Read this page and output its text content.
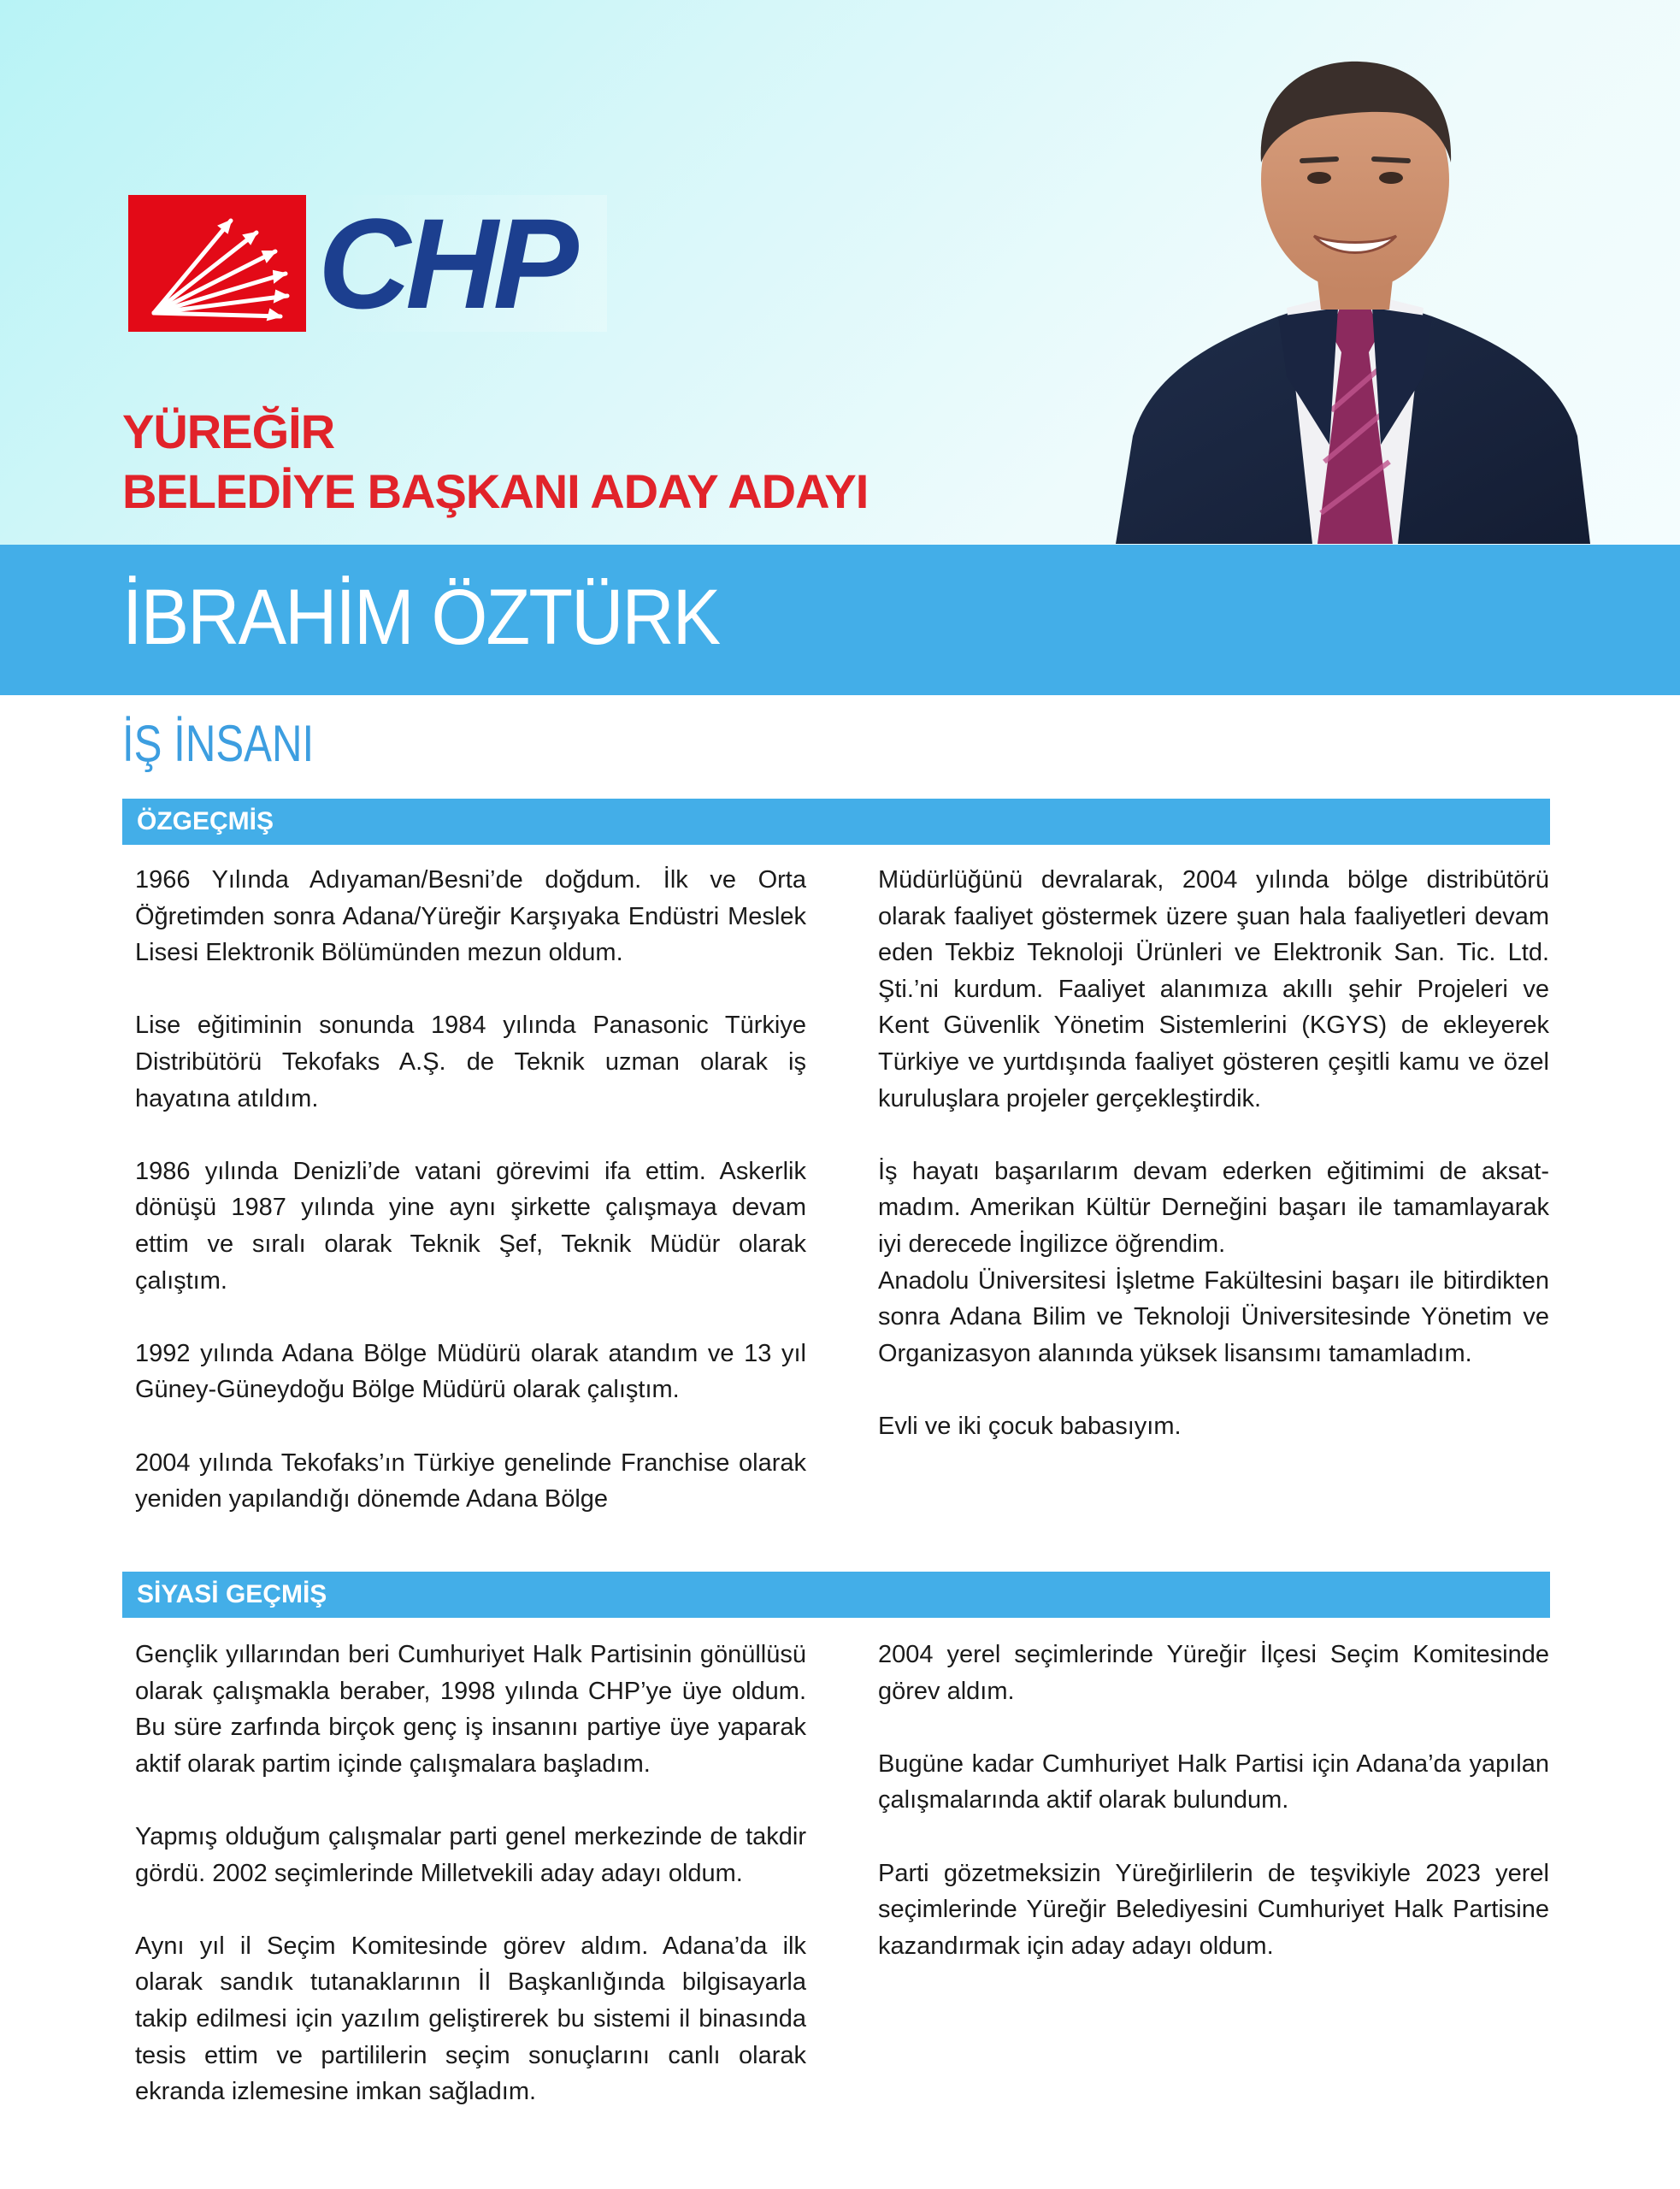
CHP
YÜREĞİR
BELEDİYE BAŞKANI ADAY ADAYI
İBRAHİM ÖZTÜRK
İŞ İNSANI
ÖZGEÇMİŞ

1966 Yılında Adıyaman/Besni’de doğdum. İlk ve Orta Öğretimden sonra Adana/Yüreğir Karşıyaka Endüstri Meslek Lisesi Elektronik Bölümünden mezun oldum.

Lise eğitiminin sonunda 1984 yılında Panasonic Türkiye Distribütörü Tekofaks A.Ş. de Teknik uzman olarak iş hayatına atıldım.

1986 yılında Denizli’de vatani görevimi ifa ettim. Askerlik dönüşü 1987 yılında yine aynı şirkette çalışmaya devam ettim ve sıralı olarak Teknik Şef, Teknik Müdür olarak çalıştım.

1992 yılında Adana Bölge Müdürü olarak atandım ve 13 yıl Güney-Güneydoğu Bölge Müdürü olarak çalıştım.

2004 yılında Tekofaks’ın Türkiye genelinde Franchise olarak yeniden yapılandığı dönemde Adana Bölge

Müdürlüğünü devralarak, 2004 yılında bölge distribütörü olarak faaliyet göstermek üzere şuan hala faaliyetleri devam eden Tekbiz Teknoloji Ürünleri ve Elektronik San. Tic. Ltd. Şti.’ni kurdum. Faaliyet alanımıza akıllı şehir Projeleri ve Kent Güvenlik Yönetim Sistemlerini (KGYS) de ekleyerek Türkiye ve yurtdışında faaliyet gösteren çeşitli kamu ve özel kuruluşlara projeler gerçekleştirdik.

İş hayatı başarılarım devam ederken eğitimimi de aksatmadım. Amerikan Kültür Derneğini başarı ile tamamlayarak iyi derecede İngilizce öğrendim.

Anadolu Üniversitesi İşletme Fakültesini başarı ile bitirdikten sonra Adana Bilim ve Teknoloji Üniversitesinde Yönetim ve Organizasyon alanında yüksek lisansımı tamamladım.

Evli ve iki çocuk babasıyım.

SİYASİ GEÇMİŞ

Gençlik yıllarından beri Cumhuriyet Halk Partisinin gönüllüsü olarak çalışmakla beraber, 1998 yılında CHP’ye üye oldum. Bu süre zarfında birçok genç iş insanını partiye üye yaparak aktif olarak partim içinde çalışmalara başladım.

Yapmış olduğum çalışmalar parti genel merkezinde de takdir gördü. 2002 seçimlerinde Milletvekili aday adayı oldum.

Aynı yıl il Seçim Komitesinde görev aldım. Adana’da ilk olarak sandık tutanaklarının İl Başkanlığında bilgisayarla takip edilmesi için yazılım geliştirerek bu sistemi il binasında tesis ettim ve partililerin seçim sonuçlarını canlı olarak ekranda izlemesine imkan sağladım.

2004 yerel seçimlerinde Yüreğir İlçesi Seçim Komitesinde görev aldım.

Bugüne kadar Cumhuriyet Halk Partisi için Adana’da yapılan çalışmalarında aktif olarak bulundum.

Parti gözetmeksizin Yüreğirlilerin de teşvikiyle 2023 yerel seçimlerinde Yüreğir Belediyesini Cumhuriyet Halk Partisine kazandırmak için aday adayı oldum.
